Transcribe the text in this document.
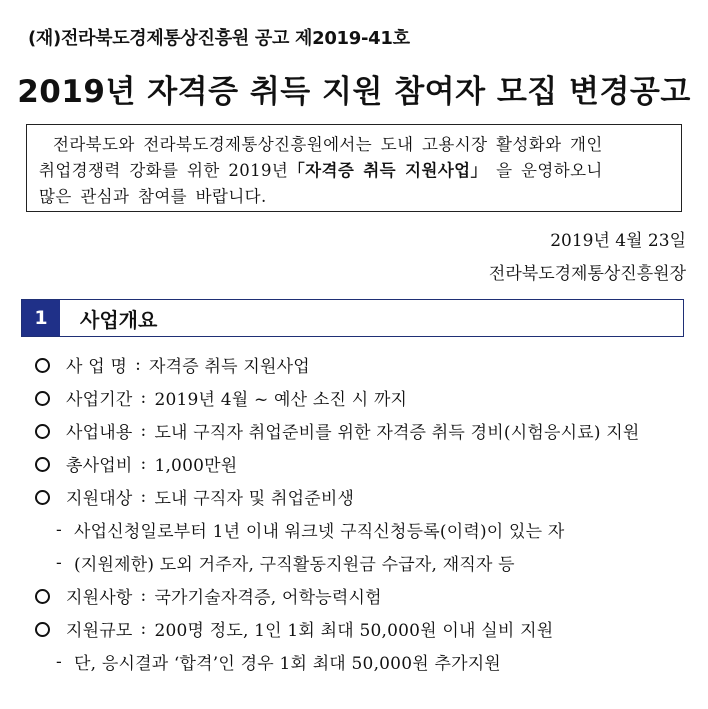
(재)전라북도경제통상진흥원 공고 제2019-41호
2019년 자격증 취득 지원 참여자 모집 변경공고
전라북도와 전라북도경제통상진흥원에서는 도내 고용시장 활성화와 개인
취업경쟁력 강화를 위한 2019년「자격증 취득 지원사업」 을 운영하오니
많은 관심과 참여를 바랍니다.
2019년 4월 23일
전라북도경제통상진흥원장
1	사업개요
사 업 명 : 자격증 취득 지원사업
사업기간 : 2019년 4월 ~ 예산 소진 시 까지
사업내용 : 도내 구직자 취업준비를 위한 자격증 취득 경비(시험응시료) 지원
총사업비 : 1,000만원
지원대상 : 도내 구직자 및 취업준비생
- 사업신청일로부터 1년 이내 워크넷 구직신청등록(이력)이 있는 자
- (지원제한) 도외 거주자, 구직활동지원금 수급자, 재직자 등
지원사항 : 국가기술자격증, 어학능력시험
지원규모 : 200명 정도, 1인 1회 최대 50,000원 이내 실비 지원
- 단, 응시결과 ‘합격’인 경우 1회 최대 50,000원 추가지원
